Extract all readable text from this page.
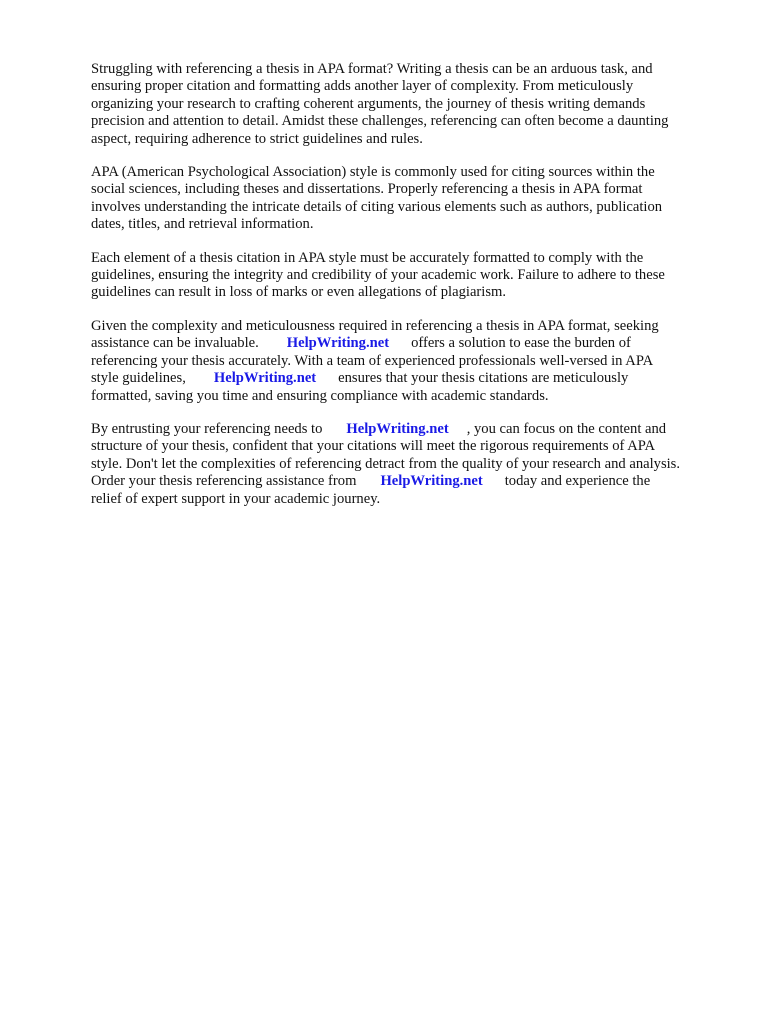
Struggling with referencing a thesis in APA format? Writing a thesis can be an arduous task, and
ensuring proper citation and formatting adds another layer of complexity. From meticulously
organizing your research to crafting coherent arguments, the journey of thesis writing demands
precision and attention to detail. Amidst these challenges, referencing can often become a daunting
aspect, requiring adherence to strict guidelines and rules.

APA (American Psychological Association) style is commonly used for citing sources within the
social sciences, including theses and dissertations. Properly referencing a thesis in APA format
involves understanding the intricate details of citing various elements such as authors, publication
dates, titles, and retrieval information.

Each element of a thesis citation in APA style must be accurately formatted to comply with the
guidelines, ensuring the integrity and credibility of your academic work. Failure to adhere to these
guidelines can result in loss of marks or even allegations of plagiarism.

Given the complexity and meticulousness required in referencing a thesis in APA format, seeking
assistance can be invaluable. HelpWriting.net offers a solution to ease the burden of
referencing your thesis accurately. With a team of experienced professionals well-versed in APA
style guidelines, HelpWriting.net ensures that your thesis citations are meticulously
formatted, saving you time and ensuring compliance with academic standards.

By entrusting your referencing needs to HelpWriting.net , you can focus on the content and
structure of your thesis, confident that your citations will meet the rigorous requirements of APA
style. Don't let the complexities of referencing detract from the quality of your research and analysis.
Order your thesis referencing assistance from HelpWriting.net today and experience the
relief of expert support in your academic journey.
